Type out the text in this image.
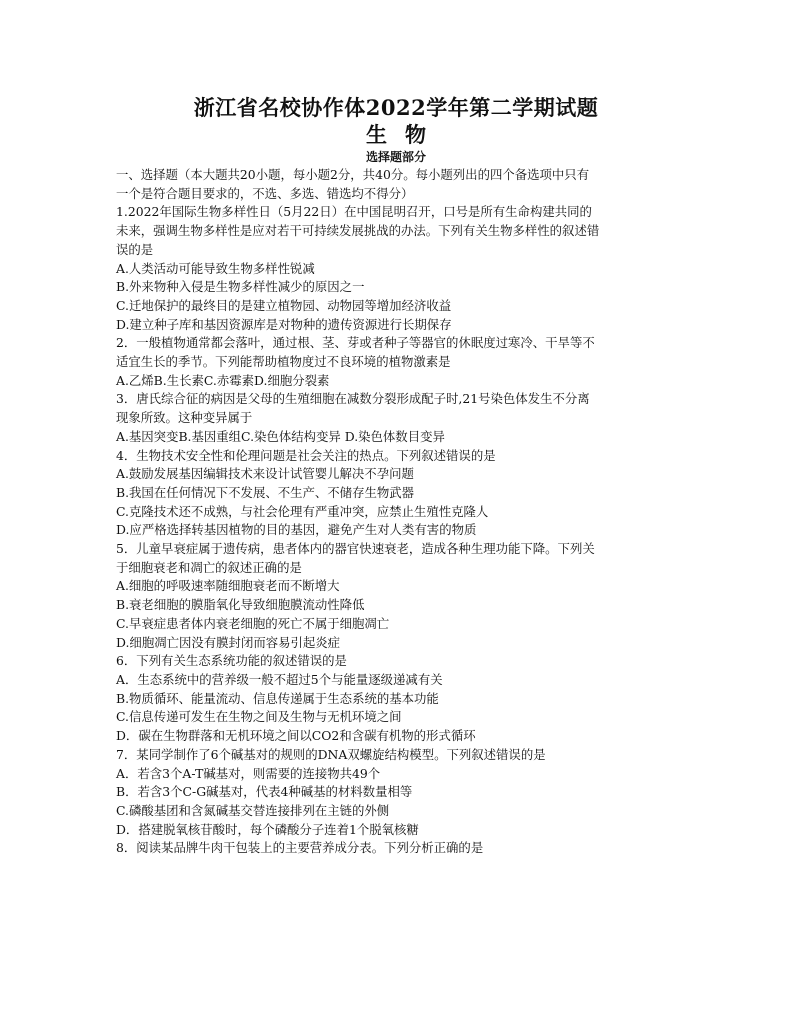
浙江省名校协作体2022学年第二学期试题
生物
选择题部分

一、选择题（本大题共20小题，每小题2分，共40分。每小题列出的四个备选项中只有

一个是符合题目要求的，不选、多选、错选均不得分）

1.2022年国际生物多样性日（5月22日）在中国昆明召开，口号是所有生命构建共同的

未来，强调生物多样性是应对若干可持续发展挑战的办法。下列有关生物多样性的叙述错

误的是

A.人类活动可能导致生物多样性锐减

B.外来物种入侵是生物多样性减少的原因之一

C.迁地保护的最终目的是建立植物园、动物园等增加经济收益

D.建立种子库和基因资源库是对物种的遗传资源进行长期保存

2．一般植物通常都会落叶，通过根、茎、芽或者种子等器官的休眠度过寒冷、干旱等不

适宜生长的季节。下列能帮助植物度过不良环境的植物激素是

A.乙烯B.生长素C.赤霉素D.细胞分裂素

3．唐氏综合征的病因是父母的生殖细胞在减数分裂形成配子时,21号染色体发生不分离

现象所致。这种变异属于

A.基因突变B.基因重组C.染色体结构变异 D.染色体数目变异

4．生物技术安全性和伦理问题是社会关注的热点。下列叙述错误的是

A.鼓励发展基因编辑技术来设计试管婴儿解决不孕问题

B.我国在任何情况下不发展、不生产、不储存生物武器

C.克隆技术还不成熟，与社会伦理有严重冲突，应禁止生殖性克隆人

D.应严格选择转基因植物的目的基因，避免产生对人类有害的物质

5．儿童早衰症属于遗传病，患者体内的器官快速衰老，造成各种生理功能下降。下列关

于细胞衰老和凋亡的叙述正确的是

A.细胞的呼吸速率随细胞衰老而不断增大

B.衰老细胞的膜脂氧化导致细胞膜流动性降低

C.早衰症患者体内衰老细胞的死亡不属于细胞凋亡

D.细胞凋亡因没有膜封闭而容易引起炎症

6．下列有关生态系统功能的叙述错误的是

A．生态系统中的营养级一般不超过5个与能量逐级递减有关

B.物质循环、能量流动、信息传递属于生态系统的基本功能

C.信息传递可发生在生物之间及生物与无机环境之间

D．碳在生物群落和无机环境之间以CO2和含碳有机物的形式循环

7．某同学制作了6个碱基对的规则的DNA双螺旋结构模型。下列叙述错误的是

A．若含3个A-T碱基对，则需要的连接物共49个

B．若含3个C-G碱基对，代表4种碱基的材料数量相等

C.磷酸基团和含氮碱基交替连接排列在主链的外侧

D．搭建脱氧核苷酸时，每个磷酸分子连着1个脱氧核糖

8．阅读某品牌牛肉干包装上的主要营养成分表。下列分析正确的是
